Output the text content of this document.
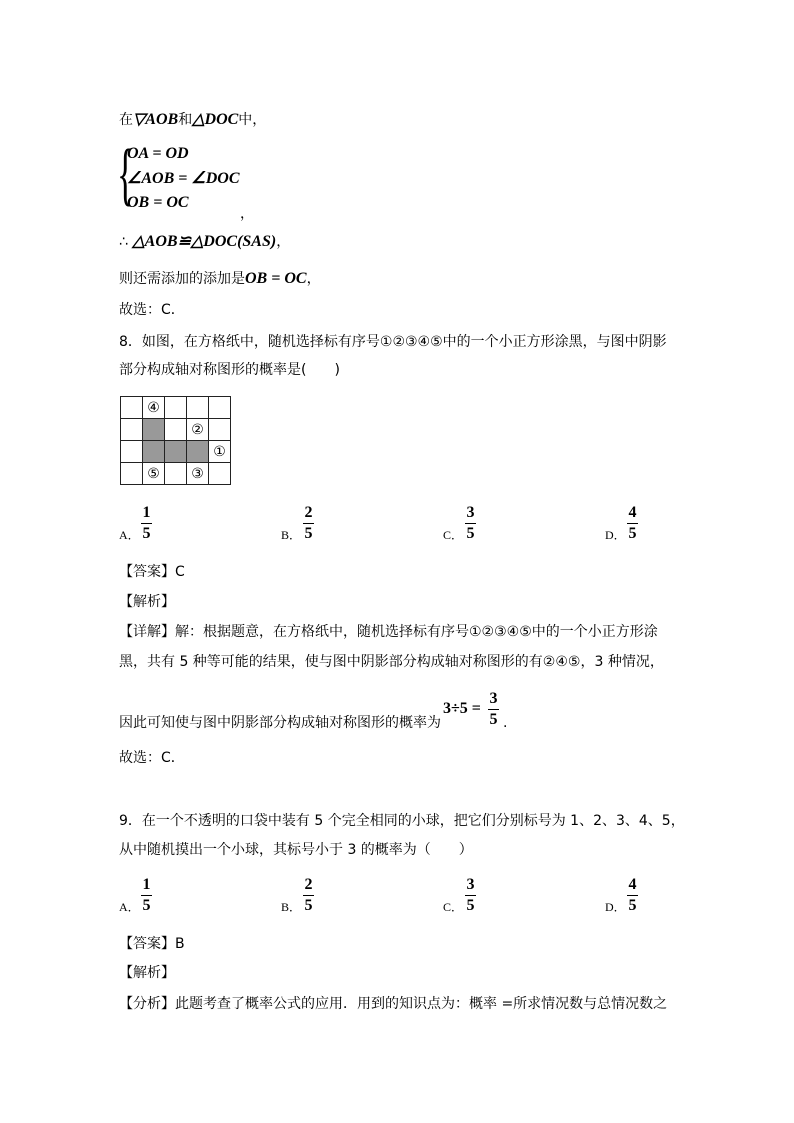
在▽AOB和△DOC中，
{
OA = OD
∠AOB = ∠DOC
OB = OC
，
∴ △AOB≌△DOC(SAS)，
则还需添加的添加是OB = OC，
故选：C．
8．如图，在方格纸中，随机选择标有序号①②③④⑤中的一个小正方形涂黑，与图中阴影
部分构成轴对称图形的概率是(　　)
	④			
			②	
				①
	⑤		③	
A．
1
5	B．
2
5	C．
3
5	D．
4
5
【答案】C
【解析】
【详解】解：根据题意，在方格纸中，随机选择标有序号①②③④⑤中的一个小正方形涂
黑，共有 5 种等可能的结果，使与图中阴影部分构成轴对称图形的有②④⑤，3 种情况，
因此可知使与图中阴影部分构成轴对称图形的概率为
3÷5 =
3
5 .
故选：C．
9．在一个不透明的口袋中装有 5 个完全相同的小球，把它们分别标号为 1、2、3、4、5，
从中随机摸出一个小球，其标号小于 3 的概率为（　　）
A．
1
5	B．
2
5	C．
3
5	D．
4
5
【答案】B
【解析】
【分析】此题考查了概率公式的应用．用到的知识点为：概率 =所求情况数与总情况数之
